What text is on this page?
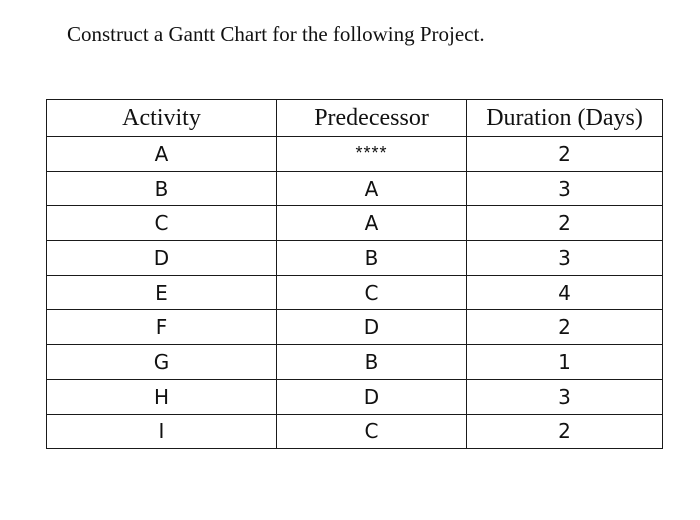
Construct a Gantt Chart for the following Project.
Activity	Predecessor	Duration (Days)
A	****	2
B	A	3
C	A	2
D	B	3
E	C	4
F	D	2
G	B	1
H	D	3
I	C	2
